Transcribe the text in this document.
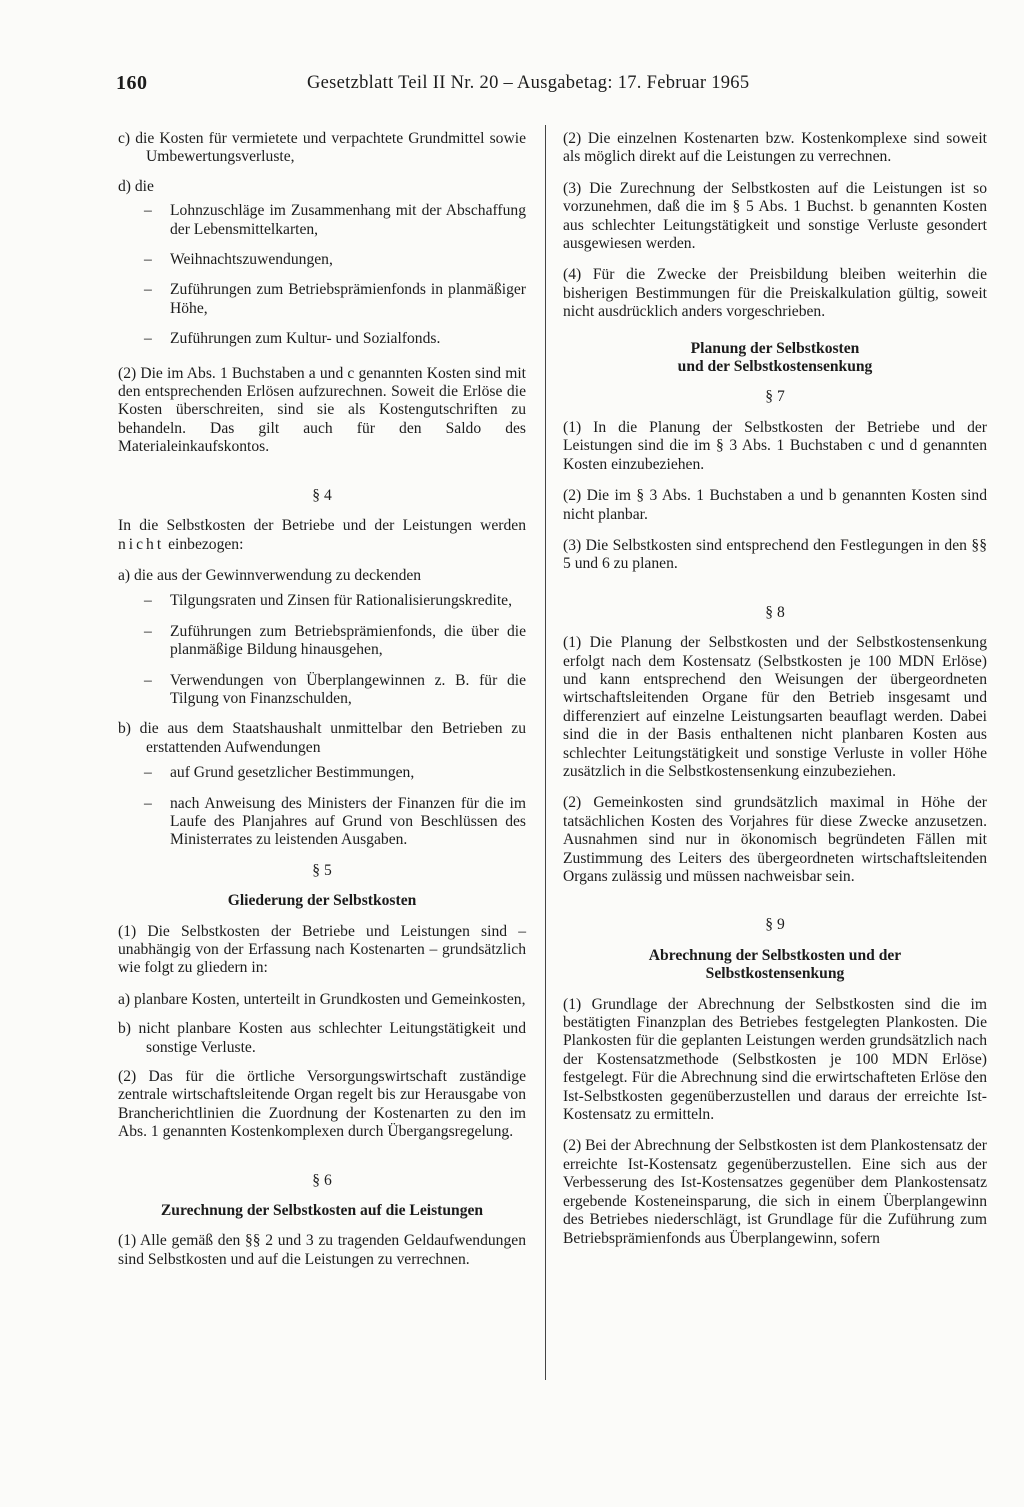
160	Gesetzblatt Teil II Nr. 20 – Ausgabetag: 17. Februar 1965

c) die Kosten für vermietete und verpachtete Grundmittel sowie Umbewertungsverluste,

d) die

– Lohnzuschläge im Zusammenhang mit der Abschaffung der Lebensmittelkarten,
– Weihnachtszuwendungen,
– Zuführungen zum Betriebsprämienfonds in planmäßiger Höhe,
– Zuführungen zum Kultur- und Sozialfonds.

(2) Die im Abs. 1 Buchstaben a und c genannten Kosten sind mit den entsprechenden Erlösen aufzurechnen. Soweit die Erlöse die Kosten überschreiten, sind sie als Kostengutschriften zu behandeln. Das gilt auch für den Saldo des Materialeinkaufskontos.

§ 4

In die Selbstkosten der Betriebe und der Leistungen werden nicht einbezogen:

a) die aus der Gewinnverwendung zu deckenden

– Tilgungsraten und Zinsen für Rationalisierungskredite,
– Zuführungen zum Betriebsprämienfonds, die über die planmäßige Bildung hinausgehen,
– Verwendungen von Überplangewinnen z. B. für die Tilgung von Finanzschulden,

b) die aus dem Staatshaushalt unmittelbar den Betrieben zu erstattenden Aufwendungen

– auf Grund gesetzlicher Bestimmungen,
– nach Anweisung des Ministers der Finanzen für die im Laufe des Planjahres auf Grund von Beschlüssen des Ministerrates zu leistenden Ausgaben.
§ 5
Gliederung der Selbstkosten

(1) Die Selbstkosten der Betriebe und Leistungen sind – unabhängig von der Erfassung nach Kostenarten – grundsätzlich wie folgt zu gliedern in:

a) planbare Kosten, unterteilt in Grundkosten und Gemeinkosten,

b) nicht planbare Kosten aus schlechter Leitungstätigkeit und sonstige Verluste.

(2) Das für die örtliche Versorgungswirtschaft zuständige zentrale wirtschaftsleitende Organ regelt bis zur Herausgabe von Brancherichtlinien die Zuordnung der Kostenarten zu den im Abs. 1 genannten Kostenkomplexen durch Übergangsregelung.

§ 6
Zurechnung der Selbstkosten auf die Leistungen

(1) Alle gemäß den §§ 2 und 3 zu tragenden Geldaufwendungen sind Selbstkosten und auf die Leistungen zu verrechnen.

(2) Die einzelnen Kostenarten bzw. Kostenkomplexe sind soweit als möglich direkt auf die Leistungen zu verrechnen.

(3) Die Zurechnung der Selbstkosten auf die Leistungen ist so vorzunehmen, daß die im § 5 Abs. 1 Buchst. b genannten Kosten aus schlechter Leitungstätigkeit und sonstige Verluste gesondert ausgewiesen werden.

(4) Für die Zwecke der Preisbildung bleiben weiterhin die bisherigen Bestimmungen für die Preiskalkulation gültig, soweit nicht ausdrücklich anders vorgeschrieben.

Planung der Selbstkosten
und der Selbstkostensenkung
§ 7

(1) In die Planung der Selbstkosten der Betriebe und der Leistungen sind die im § 3 Abs. 1 Buchstaben c und d genannten Kosten einzubeziehen.

(2) Die im § 3 Abs. 1 Buchstaben a und b genannten Kosten sind nicht planbar.

(3) Die Selbstkosten sind entsprechend den Festlegungen in den §§ 5 und 6 zu planen.

§ 8

(1) Die Planung der Selbstkosten und der Selbstkostensenkung erfolgt nach dem Kostensatz (Selbstkosten je 100 MDN Erlöse) und kann entsprechend den Weisungen der übergeordneten wirtschaftsleitenden Organe für den Betrieb insgesamt und differenziert auf einzelne Leistungsarten beauflagt werden. Dabei sind die in der Basis enthaltenen nicht planbaren Kosten aus schlechter Leitungstätigkeit und sonstige Verluste in voller Höhe zusätzlich in die Selbstkostensenkung einzubeziehen.

(2) Gemeinkosten sind grundsätzlich maximal in Höhe der tatsächlichen Kosten des Vorjahres für diese Zwecke anzusetzen. Ausnahmen sind nur in ökonomisch begründeten Fällen mit Zustimmung des Leiters des übergeordneten wirtschaftsleitenden Organs zulässig und müssen nachweisbar sein.

§ 9
Abrechnung der Selbstkosten und der
Selbstkostensenkung

(1) Grundlage der Abrechnung der Selbstkosten sind die im bestätigten Finanzplan des Betriebes festgelegten Plankosten. Die Plankosten für die geplanten Leistungen werden grundsätzlich nach der Kostensatzmethode (Selbstkosten je 100 MDN Erlöse) festgelegt. Für die Abrechnung sind die erwirtschafteten Erlöse den Ist-Selbstkosten gegenüberzustellen und daraus der erreichte Ist-Kostensatz zu ermitteln.

(2) Bei der Abrechnung der Selbstkosten ist dem Plankostensatz der erreichte Ist-Kostensatz gegenüberzustellen. Eine sich aus der Verbesserung des Ist-Kostensatzes gegenüber dem Plankostensatz ergebende Kosteneinsparung, die sich in einem Überplangewinn des Betriebes niederschlägt, ist Grundlage für die Zuführung zum Betriebsprämienfonds aus Überplangewinn, sofern
